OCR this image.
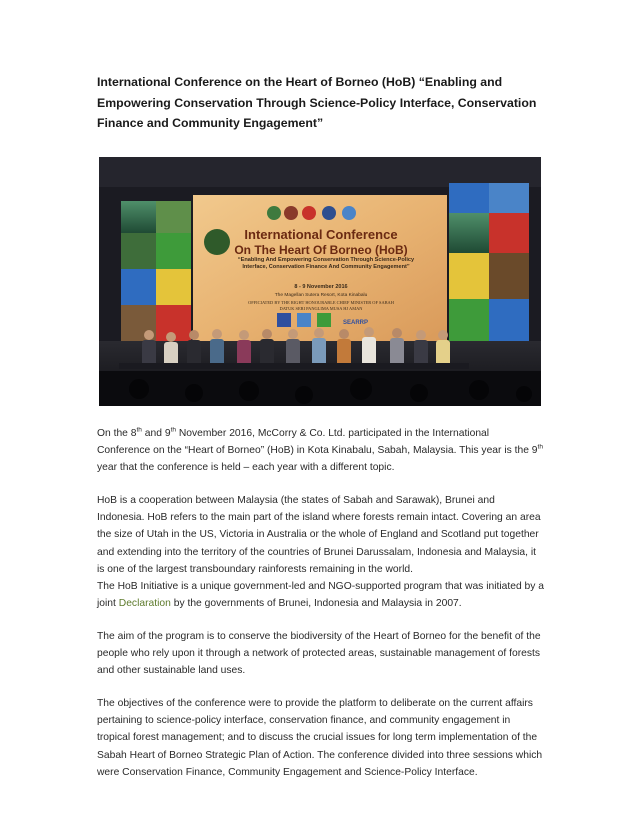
International Conference on the Heart of Borneo (HoB) “Enabling and Empowering Conservation Through Science-Policy Interface, Conservation Finance and Community Engagement”
International Conference
On The Heart Of Borneo (HoB)
“Enabling And Empowering Conservation Through Science-Policy Interface, Conservation Finance And Community Engagement”
8 - 9 November 2016
The Magellan Sutera Resort, Kota Kinabalu
OFFICIATED BY THE RIGHT HONOURABLE CHIEF MINISTER OF SABAH
DATUK SERI PANGLIMA MUSA HJ AMAN
SEARRP

On the 8th and 9th November 2016, McCorry & Co. Ltd. participated in the International Conference on the “Heart of Borneo” (HoB) in Kota Kinabalu, Sabah, Malaysia. This year is the 9th year that the conference is held – each year with a different topic.

HoB is a cooperation between Malaysia (the states of Sabah and Sarawak), Brunei and Indonesia. HoB refers to the main part of the island where forests remain intact. Covering an area the size of Utah in the US, Victoria in Australia or the whole of England and Scotland put together and extending into the territory of the countries of Brunei Darussalam, Indonesia and Malaysia, it is one of the largest transboundary rainforests remaining in the world.

The HoB Initiative is a unique government-led and NGO-supported program that was initiated by a joint Declaration by the governments of Brunei, Indonesia and Malaysia in 2007.

The aim of the program is to conserve the biodiversity of the Heart of Borneo for the benefit of the people who rely upon it through a network of protected areas, sustainable management of forests and other sustainable land uses.

The objectives of the conference were to provide the platform to deliberate on the current affairs pertaining to science-policy interface, conservation finance, and community engagement in tropical forest management; and to discuss the crucial issues for long term implementation of the Sabah Heart of Borneo Strategic Plan of Action. The conference divided into three sessions which were Conservation Finance, Community Engagement and Science-Policy Interface.
